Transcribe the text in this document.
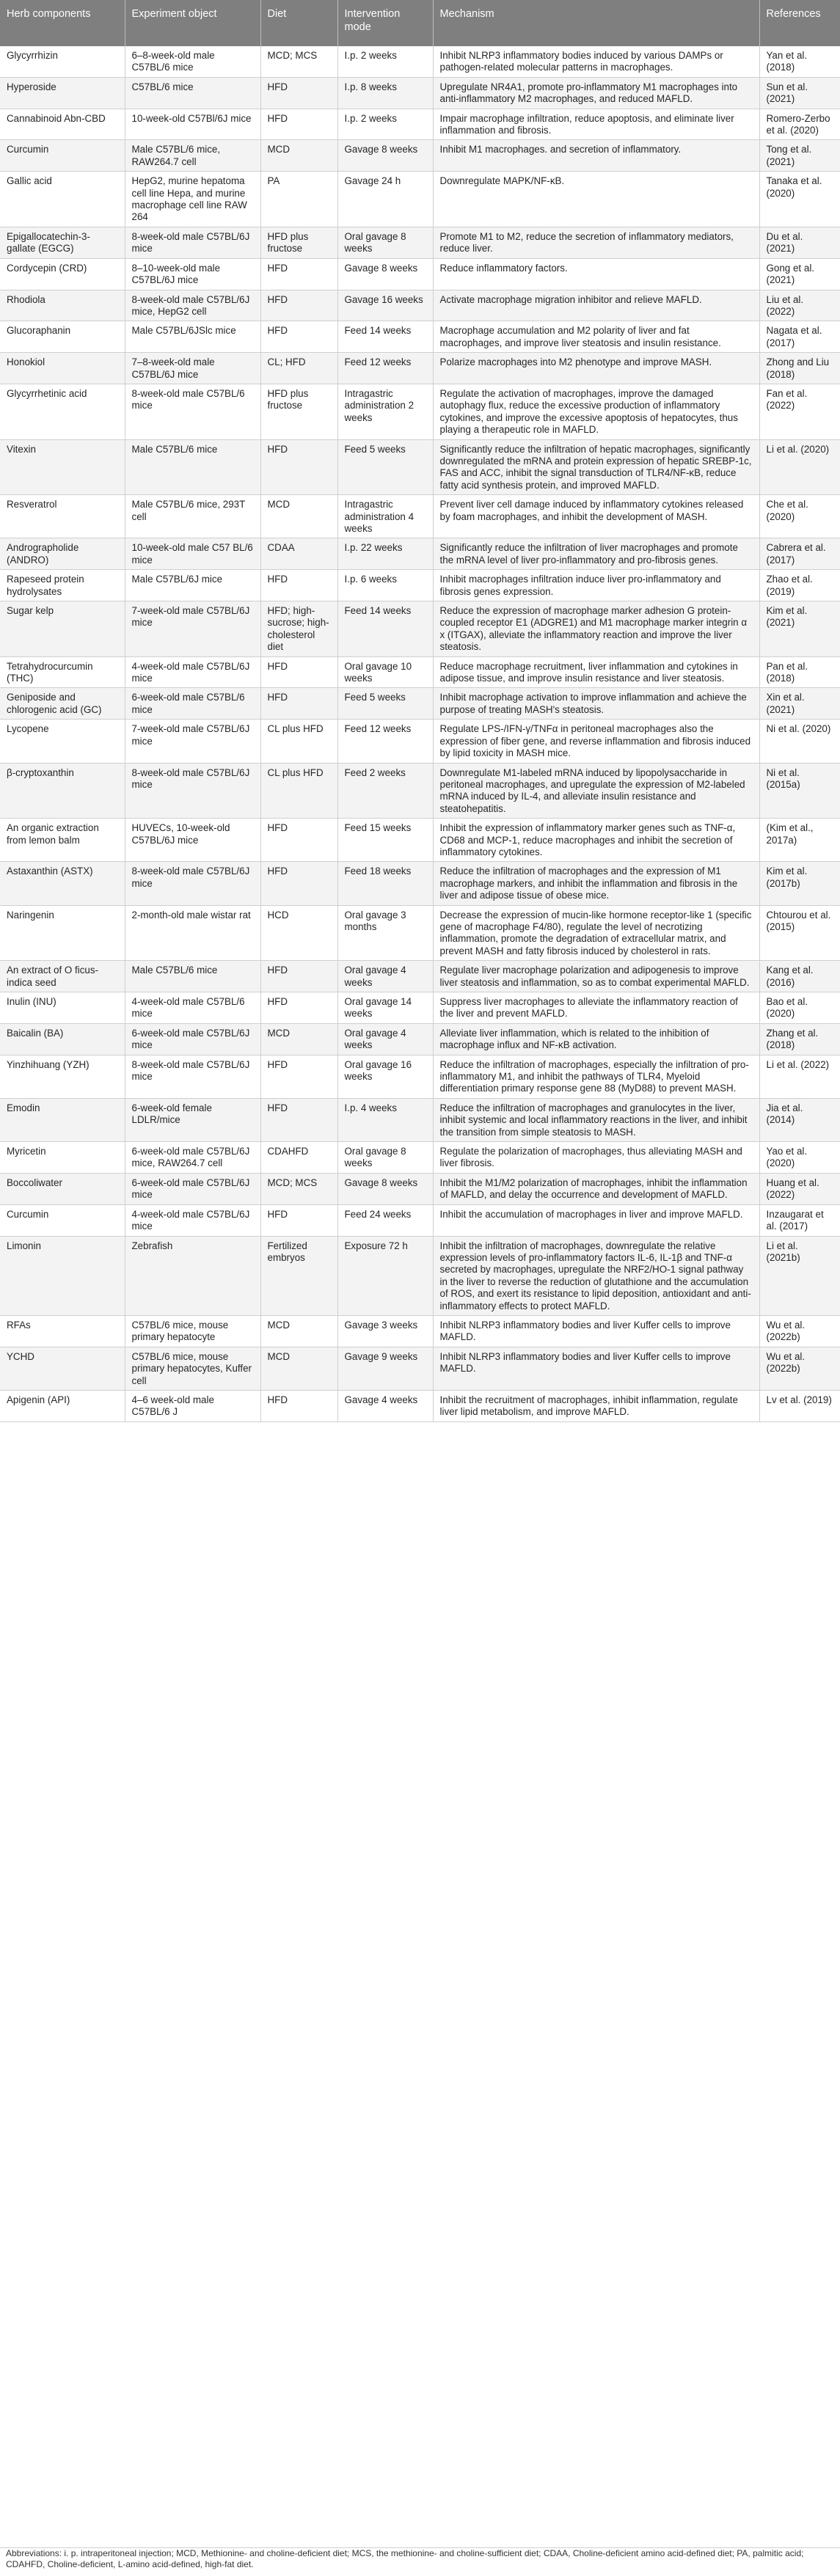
Herb components	Experiment object	Diet	Intervention mode	Mechanism	References
Glycyrrhizin	6–8-week-old male C57BL/6 mice	MCD; MCS	I.p. 2 weeks	Inhibit NLRP3 inflammatory bodies induced by various DAMPs or pathogen-related molecular patterns in macrophages.	Yan et al. (2018)
Hyperoside	C57BL/6 mice	HFD	I.p. 8 weeks	Upregulate NR4A1, promote pro-inflammatory M1 macrophages into anti-inflammatory M2 macrophages, and reduced MAFLD.	Sun et al. (2021)
Cannabinoid Abn-CBD	10-week-old C57Bl/6J mice	HFD	I.p. 2 weeks	Impair macrophage infiltration, reduce apoptosis, and eliminate liver inflammation and fibrosis.	Romero-Zerbo et al. (2020)
Curcumin	Male C57BL/6 mice, RAW264.7 cell	MCD	Gavage 8 weeks	Inhibit M1 macrophages. and secretion of inflammatory.	Tong et al. (2021)
Gallic acid	HepG2, murine hepatoma cell line Hepa, and murine macrophage cell line RAW 264	PA	Gavage 24 h	Downregulate MAPK/NF-κB.	Tanaka et al. (2020)
Epigallocatechin-3-gallate (EGCG)	8-week-old male C57BL/6J mice	HFD plus fructose	Oral gavage 8 weeks	Promote M1 to M2, reduce the secretion of inflammatory mediators, reduce liver.	Du et al. (2021)
Cordycepin (CRD)	8–10-week-old male C57BL/6J mice	HFD	Gavage 8 weeks	Reduce inflammatory factors.	Gong et al. (2021)
Rhodiola	8-week-old male C57BL/6J mice, HepG2 cell	HFD	Gavage 16 weeks	Activate macrophage migration inhibitor and relieve MAFLD.	Liu et al. (2022)
Glucoraphanin	Male C57BL/6JSlc mice	HFD	Feed 14 weeks	Macrophage accumulation and M2 polarity of liver and fat macrophages, and improve liver steatosis and insulin resistance.	Nagata et al. (2017)
Honokiol	7–8-week-old male C57BL/6J mice	CL; HFD	Feed 12 weeks	Polarize macrophages into M2 phenotype and improve MASH.	Zhong and Liu (2018)
Glycyrrhetinic acid	8-week-old male C57BL/6 mice	HFD plus fructose	Intragastric administration 2 weeks	Regulate the activation of macrophages, improve the damaged autophagy flux, reduce the excessive production of inflammatory cytokines, and improve the excessive apoptosis of hepatocytes, thus playing a therapeutic role in MAFLD.	Fan et al. (2022)
Vitexin	Male C57BL/6 mice	HFD	Feed 5 weeks	Significantly reduce the infiltration of hepatic macrophages, significantly downregulated the mRNA and protein expression of hepatic SREBP-1c, FAS and ACC, inhibit the signal transduction of TLR4/NF-κB, reduce fatty acid synthesis protein, and improved MAFLD.	Li et al. (2020)
Resveratrol	Male C57BL/6 mice, 293T cell	MCD	Intragastric administration 4 weeks	Prevent liver cell damage induced by inflammatory cytokines released by foam macrophages, and inhibit the development of MASH.	Che et al. (2020)
Andrographolide (ANDRO)	10-week-old male C57 BL/6 mice	CDAA	I.p. 22 weeks	Significantly reduce the infiltration of liver macrophages and promote the mRNA level of liver pro-inflammatory and pro-fibrosis genes.	Cabrera et al. (2017)
Rapeseed protein hydrolysates	Male C57BL/6J mice	HFD	I.p. 6 weeks	Inhibit macrophages infiltration induce liver pro-inflammatory and fibrosis genes expression.	Zhao et al. (2019)
Sugar kelp	7-week-old male C57BL/6J mice	HFD; high-sucrose; high-cholesterol diet	Feed 14 weeks	Reduce the expression of macrophage marker adhesion G protein-coupled receptor E1 (ADGRE1) and M1 macrophage marker integrin α x (ITGAX), alleviate the inflammatory reaction and improve the liver steatosis.	Kim et al. (2021)
Tetrahydrocurcumin (THC)	4-week-old male C57BL/6J mice	HFD	Oral gavage 10 weeks	Reduce macrophage recruitment, liver inflammation and cytokines in adipose tissue, and improve insulin resistance and liver steatosis.	Pan et al. (2018)
Geniposide and chlorogenic acid (GC)	6-week-old male C57BL/6 mice	HFD	Feed 5 weeks	Inhibit macrophage activation to improve inflammation and achieve the purpose of treating MASH's steatosis.	Xin et al. (2021)
Lycopene	7-week-old male C57BL/6J mice	CL plus HFD	Feed 12 weeks	Regulate LPS-/IFN-γ/TNFα in peritoneal macrophages also the expression of fiber gene, and reverse inflammation and fibrosis induced by lipid toxicity in MASH mice.	Ni et al. (2020)
β-cryptoxanthin	8-week-old male C57BL/6J mice	CL plus HFD	Feed 2 weeks	Downregulate M1-labeled mRNA induced by lipopolysaccharide in peritoneal macrophages, and upregulate the expression of M2-labeled mRNA induced by IL-4, and alleviate insulin resistance and steatohepatitis.	Ni et al. (2015a)
An organic extraction from lemon balm	HUVECs, 10-week-old C57BL/6J mice	HFD	Feed 15 weeks	Inhibit the expression of inflammatory marker genes such as TNF-α, CD68 and MCP-1, reduce macrophages and inhibit the secretion of inflammatory cytokines.	(Kim et al., 2017a)
Astaxanthin (ASTX)	8-week-old male C57BL/6J mice	HFD	Feed 18 weeks	Reduce the infiltration of macrophages and the expression of M1 macrophage markers, and inhibit the inflammation and fibrosis in the liver and adipose tissue of obese mice.	Kim et al. (2017b)
Naringenin	2-month-old male wistar rat	HCD	Oral gavage 3 months	Decrease the expression of mucin-like hormone receptor-like 1 (specific gene of macrophage F4/80), regulate the level of necrotizing inflammation, promote the degradation of extracellular matrix, and prevent MASH and fatty fibrosis induced by cholesterol in rats.	Chtourou et al. (2015)
An extract of O ficus-indica seed	Male C57BL/6 mice	HFD	Oral gavage 4 weeks	Regulate liver macrophage polarization and adipogenesis to improve liver steatosis and inflammation, so as to combat experimental MAFLD.	Kang et al. (2016)
Inulin (INU)	4-week-old male C57BL/6 mice	HFD	Oral gavage 14 weeks	Suppress liver macrophages to alleviate the inflammatory reaction of the liver and prevent MAFLD.	Bao et al. (2020)
Baicalin (BA)	6-week-old male C57BL/6J mice	MCD	Oral gavage 4 weeks	Alleviate liver inflammation, which is related to the inhibition of macrophage influx and NF-κB activation.	Zhang et al. (2018)
Yinzhihuang (YZH)	8-week-old male C57BL/6J mice	HFD	Oral gavage 16 weeks	Reduce the infiltration of macrophages, especially the infiltration of pro-inflammatory M1, and inhibit the pathways of TLR4, Myeloid differentiation primary response gene 88 (MyD88) to prevent MASH.	Li et al. (2022)
Emodin	6-week-old female LDLR/mice	HFD	I.p. 4 weeks	Reduce the infiltration of macrophages and granulocytes in the liver, inhibit systemic and local inflammatory reactions in the liver, and inhibit the transition from simple steatosis to MASH.	Jia et al. (2014)
Myricetin	6-week-old male C57BL/6J mice, RAW264.7 cell	CDAHFD	Oral gavage 8 weeks	Regulate the polarization of macrophages, thus alleviating MASH and liver fibrosis.	Yao et al. (2020)
Boccoliwater	6-week-old male C57BL/6J mice	MCD; MCS	Gavage 8 weeks	Inhibit the M1/M2 polarization of macrophages, inhibit the inflammation of MAFLD, and delay the occurrence and development of MAFLD.	Huang et al. (2022)
Curcumin	4-week-old male C57BL/6J mice	HFD	Feed 24 weeks	Inhibit the accumulation of macrophages in liver and improve MAFLD.	Inzaugarat et al. (2017)
Limonin	Zebrafish	Fertilized embryos	Exposure 72 h	Inhibit the infiltration of macrophages, downregulate the relative expression levels of pro-inflammatory factors IL-6, IL-1β and TNF-α secreted by macrophages, upregulate the NRF2/HO-1 signal pathway in the liver to reverse the reduction of glutathione and the accumulation of ROS, and exert its resistance to lipid deposition, antioxidant and anti-inflammatory effects to protect MAFLD.	Li et al. (2021b)
RFAs	C57BL/6 mice, mouse primary hepatocyte	MCD	Gavage 3 weeks	Inhibit NLRP3 inflammatory bodies and liver Kuffer cells to improve MAFLD.	Wu et al. (2022b)
YCHD	C57BL/6 mice, mouse primary hepatocytes, Kuffer cell	MCD	Gavage 9 weeks	Inhibit NLRP3 inflammatory bodies and liver Kuffer cells to improve MAFLD.	Wu et al. (2022b)
Apigenin (API)	4–6 week-old male C57BL/6 J	HFD	Gavage 4 weeks	Inhibit the recruitment of macrophages, inhibit inflammation, regulate liver lipid metabolism, and improve MAFLD.	Lv et al. (2019)
Abbreviations: i. p. intraperitoneal injection; MCD, Methionine- and choline-deficient diet; MCS, the methionine- and choline-sufficient diet; CDAA, Choline-deficient amino acid-defined diet; PA, palmitic acid; CDAHFD, Choline-deficient, L-amino acid-defined, high-fat diet.
